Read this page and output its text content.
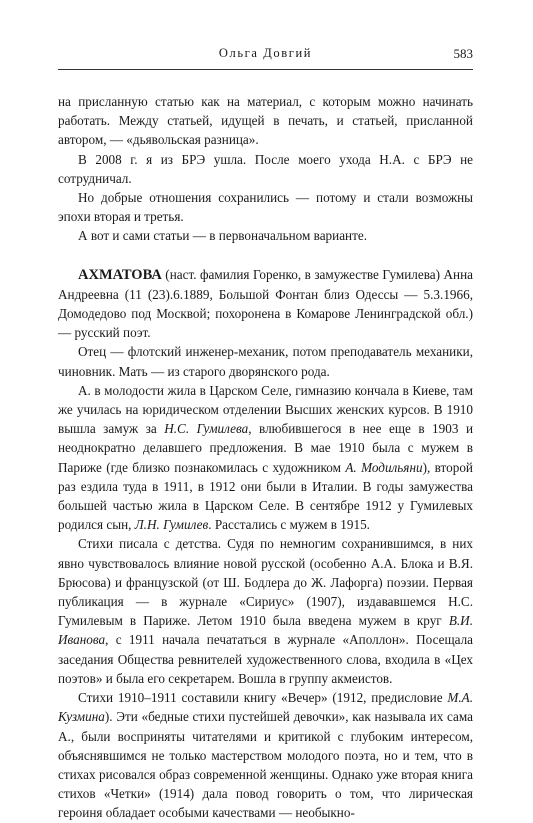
Ольга Довгий	583

на присланную статью как на материал, с которым можно начинать работать. Между статьей, идущей в печать, и статьей, присланной автором, — «дьявольская разница».

В 2008 г. я из БРЭ ушла. После моего ухода Н.А. с БРЭ не сотрудничал.

Но добрые отношения сохранились — потому и стали возможны эпохи вторая и третья.

А вот и сами статьи — в первоначальном варианте.

АХМАТОВА (наст. фамилия Горенко, в замужестве Гумилева) Анна Андреевна (11 (23).6.1889, Большой Фонтан близ Одессы — 5.3.1966, Домодедово под Москвой; похоронена в Комарове Ленинградской обл.) — русский поэт.

Отец — флотский инженер-механик, потом преподаватель механики, чиновник. Мать — из старого дворянского рода.

А. в молодости жила в Царском Селе, гимназию кончала в Киеве, там же училась на юридическом отделении Высших женских курсов. В 1910 вышла замуж за Н.С. Гумилева, влюбившегося в нее еще в 1903 и неоднократно делавшего предложения. В мае 1910 была с мужем в Париже (где близко познакомилась с художником А. Модильяни), второй раз ездила туда в 1911, в 1912 они были в Италии. В годы замужества большей частью жила в Царском Селе. В сентябре 1912 у Гумилевых родился сын, Л.Н. Гумилев. Расстались с мужем в 1915.

Стихи писала с детства. Судя по немногим сохранившимся, в них явно чувствовалось влияние новой русской (особенно А.А. Блока и В.Я. Брюсова) и французской (от Ш. Бодлера до Ж. Лафорга) поэзии. Первая публикация — в журнале «Сириус» (1907), издававшемся Н.С. Гумилевым в Париже. Летом 1910 была введена мужем в круг В.И. Иванова, с 1911 начала печататься в журнале «Аполлон». Посещала заседания Общества ревнителей художественного слова, входила в «Цех поэтов» и была его секретарем. Вошла в группу акмеистов.

Стихи 1910–1911 составили книгу «Вечер» (1912, предисловие М.А. Кузмина). Эти «бедные стихи пустейшей девочки», как называла их сама А., были восприняты читателями и критикой с глубоким интересом, объяснявшимся не только мастерством молодого поэта, но и тем, что в стихах рисовался образ современной женщины. Однако уже вторая книга стихов «Четки» (1914) дала повод говорить о том, что лирическая героиня обладает особыми качествами — необыкно-
